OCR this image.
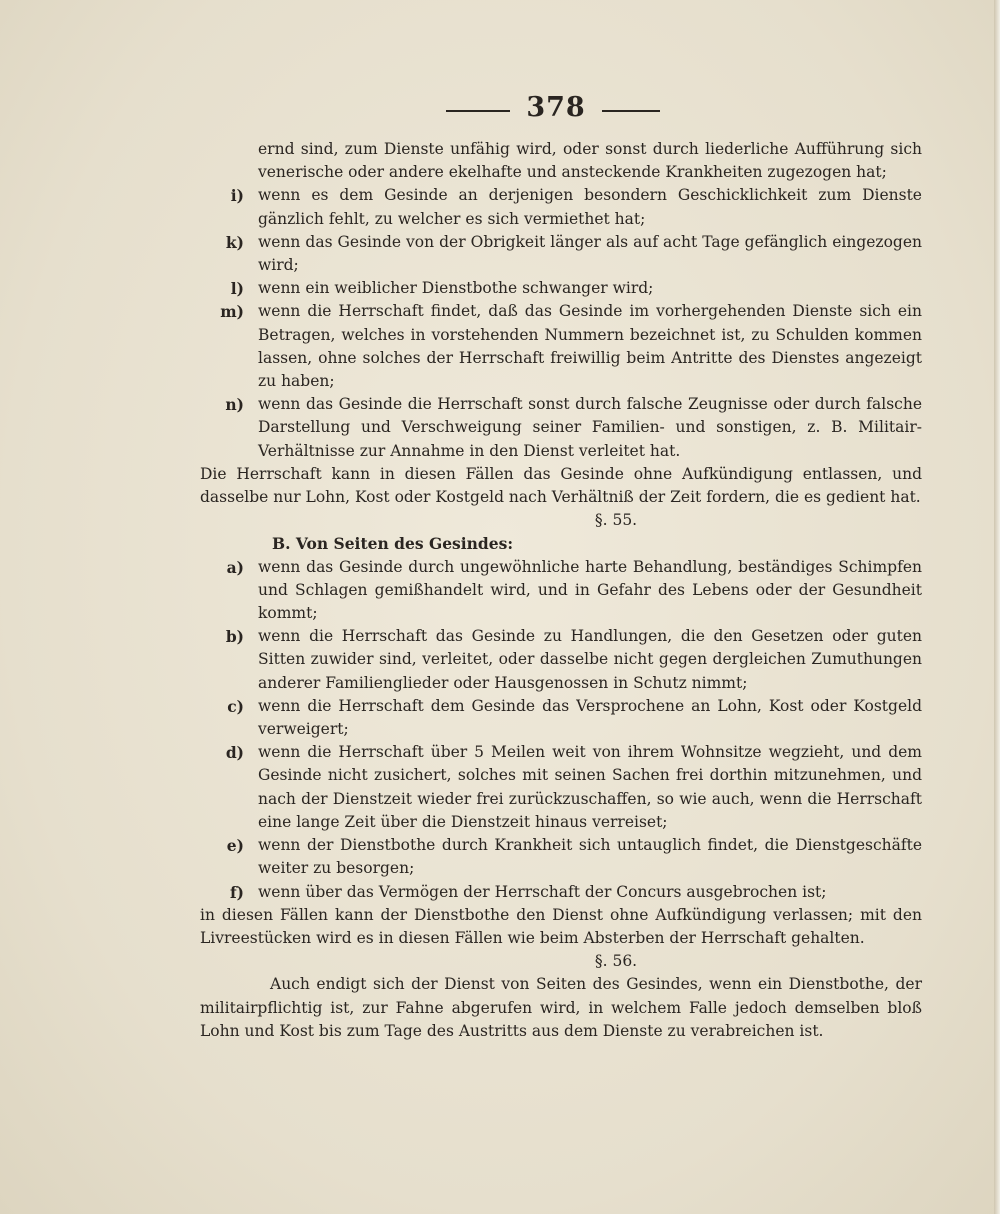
378

ernd sind, zum Dienste unfähig wird, oder sonst durch liederliche Aufführung sich venerische oder andere ekelhafte und ansteckende Krankheiten zugezogen hat;

i) wenn es dem Gesinde an derjenigen besondern Geschicklichkeit zum Dienste gänzlich fehlt, zu welcher es sich vermiethet hat;
k) wenn das Gesinde von der Obrigkeit länger als auf acht Tage gefänglich eingezogen wird;
l) wenn ein weiblicher Dienstbothe schwanger wird;
m) wenn die Herrschaft findet, daß das Gesinde im vorhergehenden Dienste sich ein Betragen, welches in vorstehenden Nummern bezeichnet ist, zu Schulden kommen lassen, ohne solches der Herrschaft freiwillig beim Antritte des Dienstes angezeigt zu haben;
n) wenn das Gesinde die Herrschaft sonst durch falsche Zeugnisse oder durch falsche Darstellung und Verschweigung seiner Familien- und sonstigen, z. B. Militair-Verhältnisse zur Annahme in den Dienst verleitet hat.

Die Herrschaft kann in diesen Fällen das Gesinde ohne Aufkündigung entlassen, und dasselbe nur Lohn, Kost oder Kostgeld nach Verhältniß der Zeit fordern, die es gedient hat.

§. 55.

B. Von Seiten des Gesindes:

a) wenn das Gesinde durch ungewöhnliche harte Behandlung, beständiges Schimpfen und Schlagen gemißhandelt wird, und in Gefahr des Lebens oder der Gesundheit kommt;
b) wenn die Herrschaft das Gesinde zu Handlungen, die den Gesetzen oder guten Sitten zuwider sind, verleitet, oder dasselbe nicht gegen dergleichen Zumuthungen anderer Familienglieder oder Hausgenossen in Schutz nimmt;
c) wenn die Herrschaft dem Gesinde das Versprochene an Lohn, Kost oder Kostgeld verweigert;
d) wenn die Herrschaft über 5 Meilen weit von ihrem Wohnsitze wegzieht, und dem Gesinde nicht zusichert, solches mit seinen Sachen frei dorthin mitzunehmen, und nach der Dienstzeit wieder frei zurückzuschaffen, so wie auch, wenn die Herrschaft eine lange Zeit über die Dienstzeit hinaus verreiset;
e) wenn der Dienstbothe durch Krankheit sich untauglich findet, die Dienstgeschäfte weiter zu besorgen;
f) wenn über das Vermögen der Herrschaft der Concurs ausgebrochen ist;

in diesen Fällen kann der Dienstbothe den Dienst ohne Aufkündigung verlassen; mit den Livreestücken wird es in diesen Fällen wie beim Absterben der Herrschaft gehalten.

§. 56.

Auch endigt sich der Dienst von Seiten des Gesindes, wenn ein Dienstbothe, der militairpflichtig ist, zur Fahne abgerufen wird, in welchem Falle jedoch demselben bloß Lohn und Kost bis zum Tage des Austritts aus dem Dienste zu verabreichen ist.
